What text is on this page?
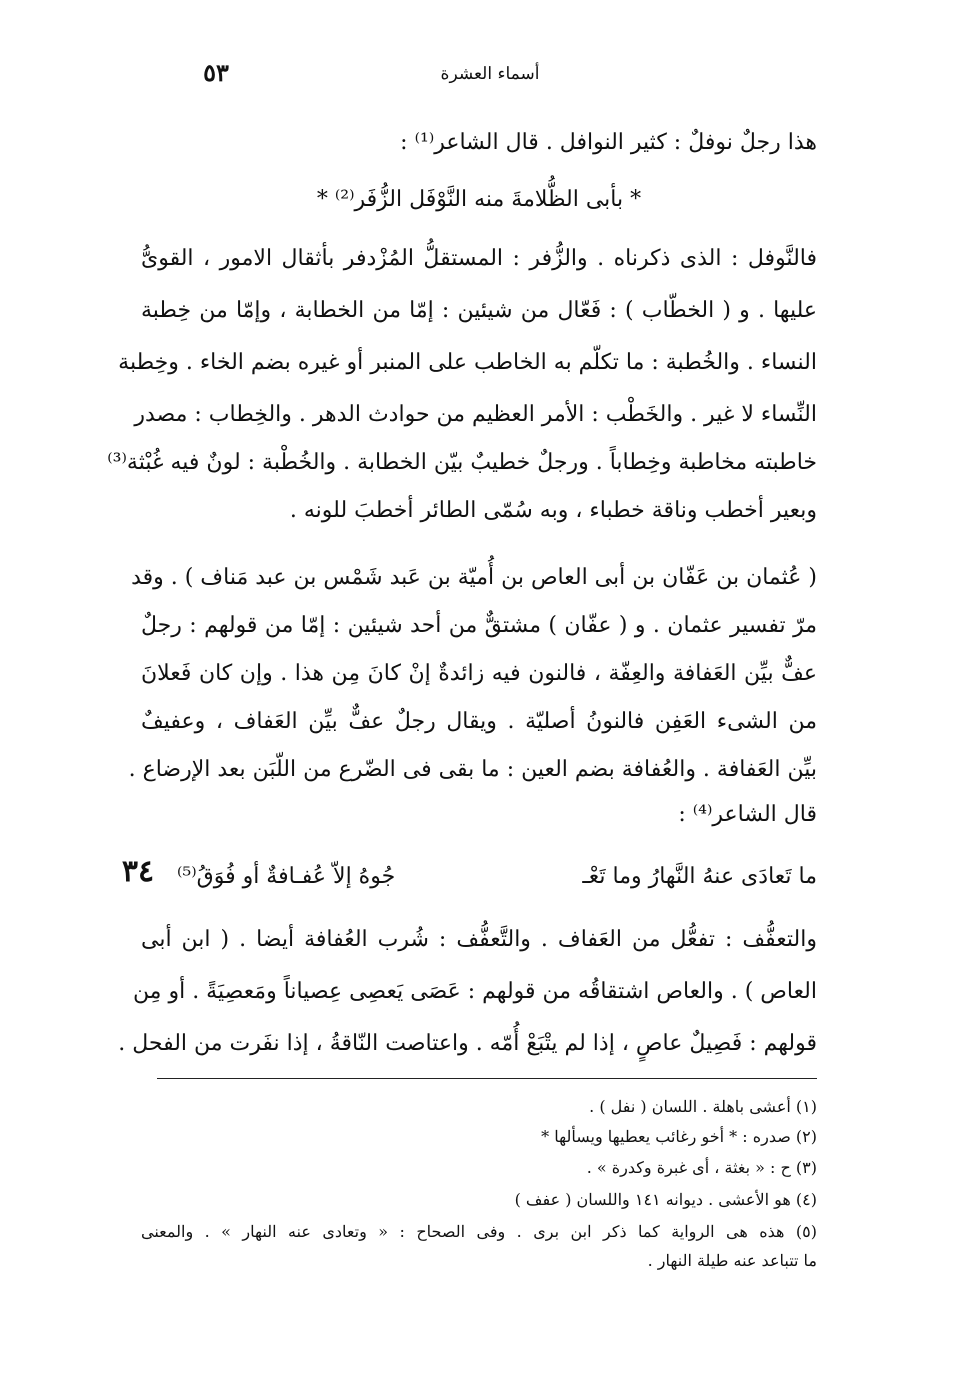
أسماء العشرة
٥٣
هذا رجلٌ نوفلٌ : كثير النوافل . قال الشاعر⁽¹⁾ :
* بأبى الظُّلامةَ منه النَّوْفَل الزُّفَر⁽²⁾ *
فالنَّوفل : الذى ذكرناه . والزُّفر : المستقلُّ المُزْدفر بأثقال الامور ، القوىُّ
عليها . و ( الخطّاب ) : فَعّال من شيئين : إمّا من الخطابة ، وإمّا من خِطبة
النساء . والخُطبة : ما تكلّم به الخاطب على المنبر أو غيره بضم الخاء . وخِطبة
النِّساء لا غير . والخَطْب : الأمر العظيم من حوادث الدهر . والخِطاب : مصدر
خاطبته مخاطبة وخِطاباً . ورجلٌ خطيبٌ بيّن الخطابة . والخُطْبة : لونٌ فيه غُبْثة⁽³⁾
وبعير أخطب وناقة خطباء ، وبه سُمّى الطائر أخطبَ للونه .
( عُثمان بن عَفّان بن أبى العاص بن أُميّة بن عَبد شَمْس بن عبد مَناف ) . وقد
مرّ تفسير عثمان . و ( عفّان ) مشتقٌّ من أحد شيئين : إمّا من قولهم : رجلٌ
عفٌّ بيِّن العَفافة والعِفّة ، فالنون فيه زائدةٌ إنْ كانَ مِن هذا . وإن كان فَعلانَ
من الشىء العَفِن فالنونُ أصليّة . ويقال رجلٌ عفٌّ بيِّن العَفاف ، وعفيفٌ
بيِّن العَفافة . والعُفافة بضم العين : ما بقى فى الضّرع من اللّبَن بعد الإرضاع .
قال الشاعر⁽⁴⁾ :
ما تَعادَى عنهُ النَّهارُ وما تَعْـ
جُوهُ إلاّ عُفـافةٌ أو فُوَقُ⁽⁵⁾
٣٤
والتعفُّف : تفعُّل من العَفاف . والتَّعفُّف : شُرب العُفافة أيضا . ( ابن أبى
العاص ) . والعاص اشتقاقُه من قولهم : عَصَى يَعصِى عِصياناً ومَعصِيَةً . أو مِن
قولهم : فَصِيلٌ عاصٍ ، إذا لم يتْبَعْ أُمّه . واعتاصت النّاقةُ ، إذا نفَرت من الفحل .
(١) أعشى باهلة . اللسان ( نفل ) .
(٢) صدره : * أخو رغائب يعطيها ويسألها *
(٣) ح : « بغثة ، أى غبرة وكدرة » .
(٤) هو الأعشى . ديوانه ١٤١ واللسان ( عفف )
(٥) هذه هى الرواية كما ذكر ابن برى . وفى الصحاح : « وتعادى عنه النهار » . والمعنى
ما تتباعد عنه طيلة النهار .
